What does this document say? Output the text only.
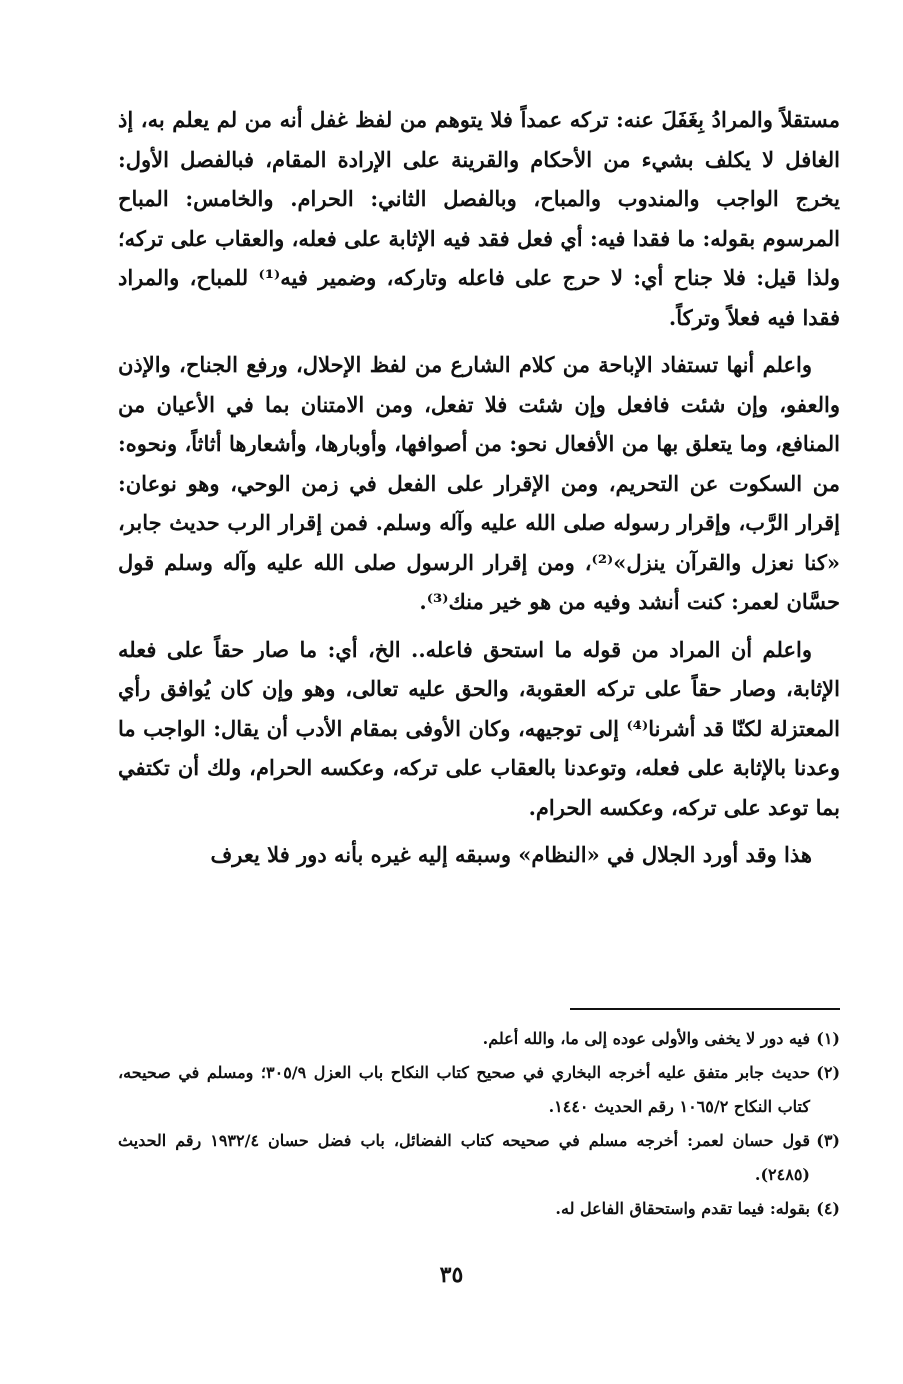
مستقلاً والمرادُ بِغَفَلَ عنه: تركه عمداً فلا يتوهم من لفظ غفل أنه من لم يعلم به، إذ الغافل لا يكلف بشيء من الأحكام والقرينة على الإرادة المقام، فبالفصل الأول: يخرج الواجب والمندوب والمباح، وبالفصل الثاني: الحرام. والخامس: المباح المرسوم بقوله: ما فقدا فيه: أي فعل فقد فيه الإثابة على فعله، والعقاب على تركه؛ ولذا قيل: فلا جناح أي: لا حرج على فاعله وتاركه، وضمير فيه⁽¹⁾ للمباح، والمراد فقدا فيه فعلاً وتركاً.

واعلم أنها تستفاد الإباحة من كلام الشارع من لفظ الإحلال، ورفع الجناح، والإذن والعفو، وإن شئت فافعل وإن شئت فلا تفعل، ومن الامتنان بما في الأعيان من المنافع، وما يتعلق بها من الأفعال نحو: من أصوافها، وأوبارها، وأشعارها أثاثاً، ونحوه: من السكوت عن التحريم، ومن الإقرار على الفعل في زمن الوحي، وهو نوعان: إقرار الرَّب، وإقرار رسوله صلى الله عليه وآله وسلم. فمن إقرار الرب حديث جابر، «كنا نعزل والقرآن ينزل»⁽²⁾، ومن إقرار الرسول صلى الله عليه وآله وسلم قول حسَّان لعمر: كنت أنشد وفيه من هو خير منك⁽³⁾.

واعلم أن المراد من قوله ما استحق فاعله.. الخ، أي: ما صار حقاً على فعله الإثابة، وصار حقاً على تركه العقوبة، والحق عليه تعالى، وهو وإن كان يُوافق رأي المعتزلة لكنّا قد أشرنا⁽⁴⁾ إلى توجيهه، وكان الأوفى بمقام الأدب أن يقال: الواجب ما وعدنا بالإثابة على فعله، وتوعدنا بالعقاب على تركه، وعكسه الحرام، ولك أن تكتفي بما توعد على تركه، وعكسه الحرام.

هذا وقد أورد الجلال في «النظام» وسبقه إليه غيره بأنه دور فلا يعرف

(١)فيه دور لا يخفى والأولى عوده إلى ما، والله أعلم.

(٢)حديث جابر متفق عليه أخرجه البخاري في صحيح كتاب النكاح باب العزل ٣٠٥/٩؛ ومسلم في صحيحه، كتاب النكاح ١٠٦٥/٢ رقم الحديث ١٤٤٠.

(٣)قول حسان لعمر: أخرجه مسلم في صحيحه كتاب الفضائل، باب فضل حسان ١٩٣٢/٤ رقم الحديث (٢٤٨٥).

(٤)بقوله: فيما تقدم واستحقاق الفاعل له.

٣٥
